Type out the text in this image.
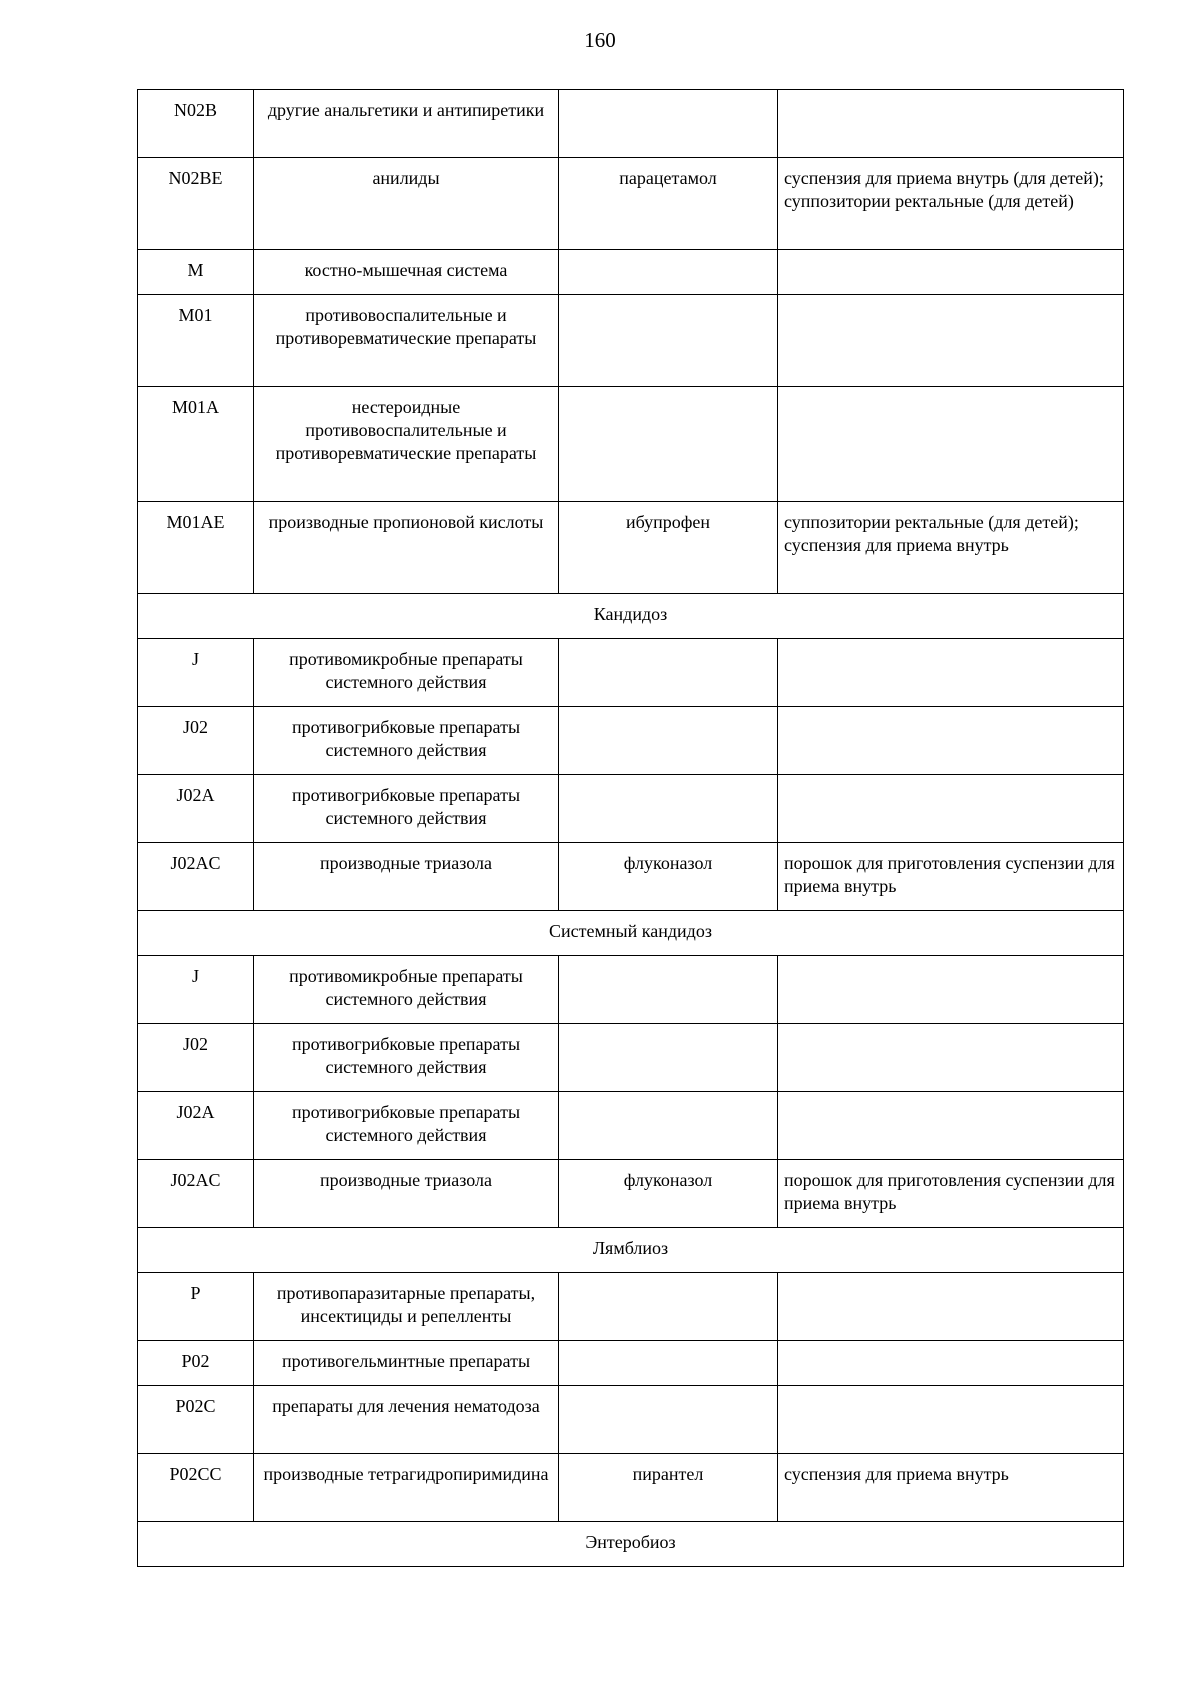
160
N02B	другие анальгетики и антипиретики		
N02BE	анилиды	парацетамол	суспензия для приема внутрь (для детей);
суппозитории ректальные (для детей)
M	костно-мышечная система		
M01	противовоспалительные и противоревматические препараты		
M01A	нестероидные противовоспалительные и противоревматические препараты		
M01AE	производные пропионовой кислоты	ибупрофен	суппозитории ректальные (для детей);
суспензия для приема внутрь
Кандидоз			
J	противомикробные препараты системного действия		
J02	противогрибковые препараты системного действия		
J02A	противогрибковые препараты системного действия		
J02AC	производные триазола	флуконазол	порошок для приготовления суспензии для приема внутрь
Системный кандидоз			
J	противомикробные препараты системного действия		
J02	противогрибковые препараты системного действия		
J02A	противогрибковые препараты системного действия		
J02AC	производные триазола	флуконазол	порошок для приготовления суспензии для приема внутрь
Лямблиоз			
P	противопаразитарные препараты, инсектициды и репелленты		
P02	противогельминтные препараты		
P02C	препараты для лечения нематодоза		
P02CC	производные тетрагидропиримидина	пирантел	суспензия для приема внутрь
Энтеробиоз			
